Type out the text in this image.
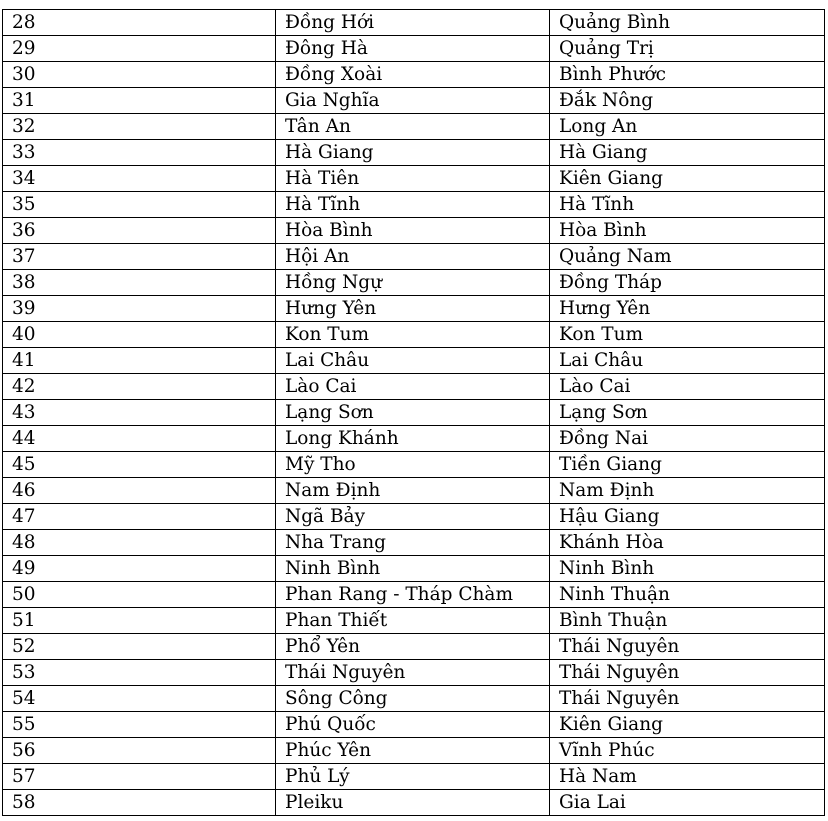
28	Đồng Hới	Quảng Bình
29	Đông Hà	Quảng Trị
30	Đồng Xoài	Bình Phước
31	Gia Nghĩa	Đắk Nông
32	Tân An	Long An
33	Hà Giang	Hà Giang
34	Hà Tiên	Kiên Giang
35	Hà Tĩnh	Hà Tĩnh
36	Hòa Bình	Hòa Bình
37	Hội An	Quảng Nam
38	Hồng Ngự	Đồng Tháp
39	Hưng Yên	Hưng Yên
40	Kon Tum	Kon Tum
41	Lai Châu	Lai Châu
42	Lào Cai	Lào Cai
43	Lạng Sơn	Lạng Sơn
44	Long Khánh	Đồng Nai
45	Mỹ Tho	Tiền Giang
46	Nam Định	Nam Định
47	Ngã Bảy	Hậu Giang
48	Nha Trang	Khánh Hòa
49	Ninh Bình	Ninh Bình
50	Phan Rang - Tháp Chàm	Ninh Thuận
51	Phan Thiết	Bình Thuận
52	Phổ Yên	Thái Nguyên
53	Thái Nguyên	Thái Nguyên
54	Sông Công	Thái Nguyên
55	Phú Quốc	Kiên Giang
56	Phúc Yên	Vĩnh Phúc
57	Phủ Lý	Hà Nam
58	Pleiku	Gia Lai
